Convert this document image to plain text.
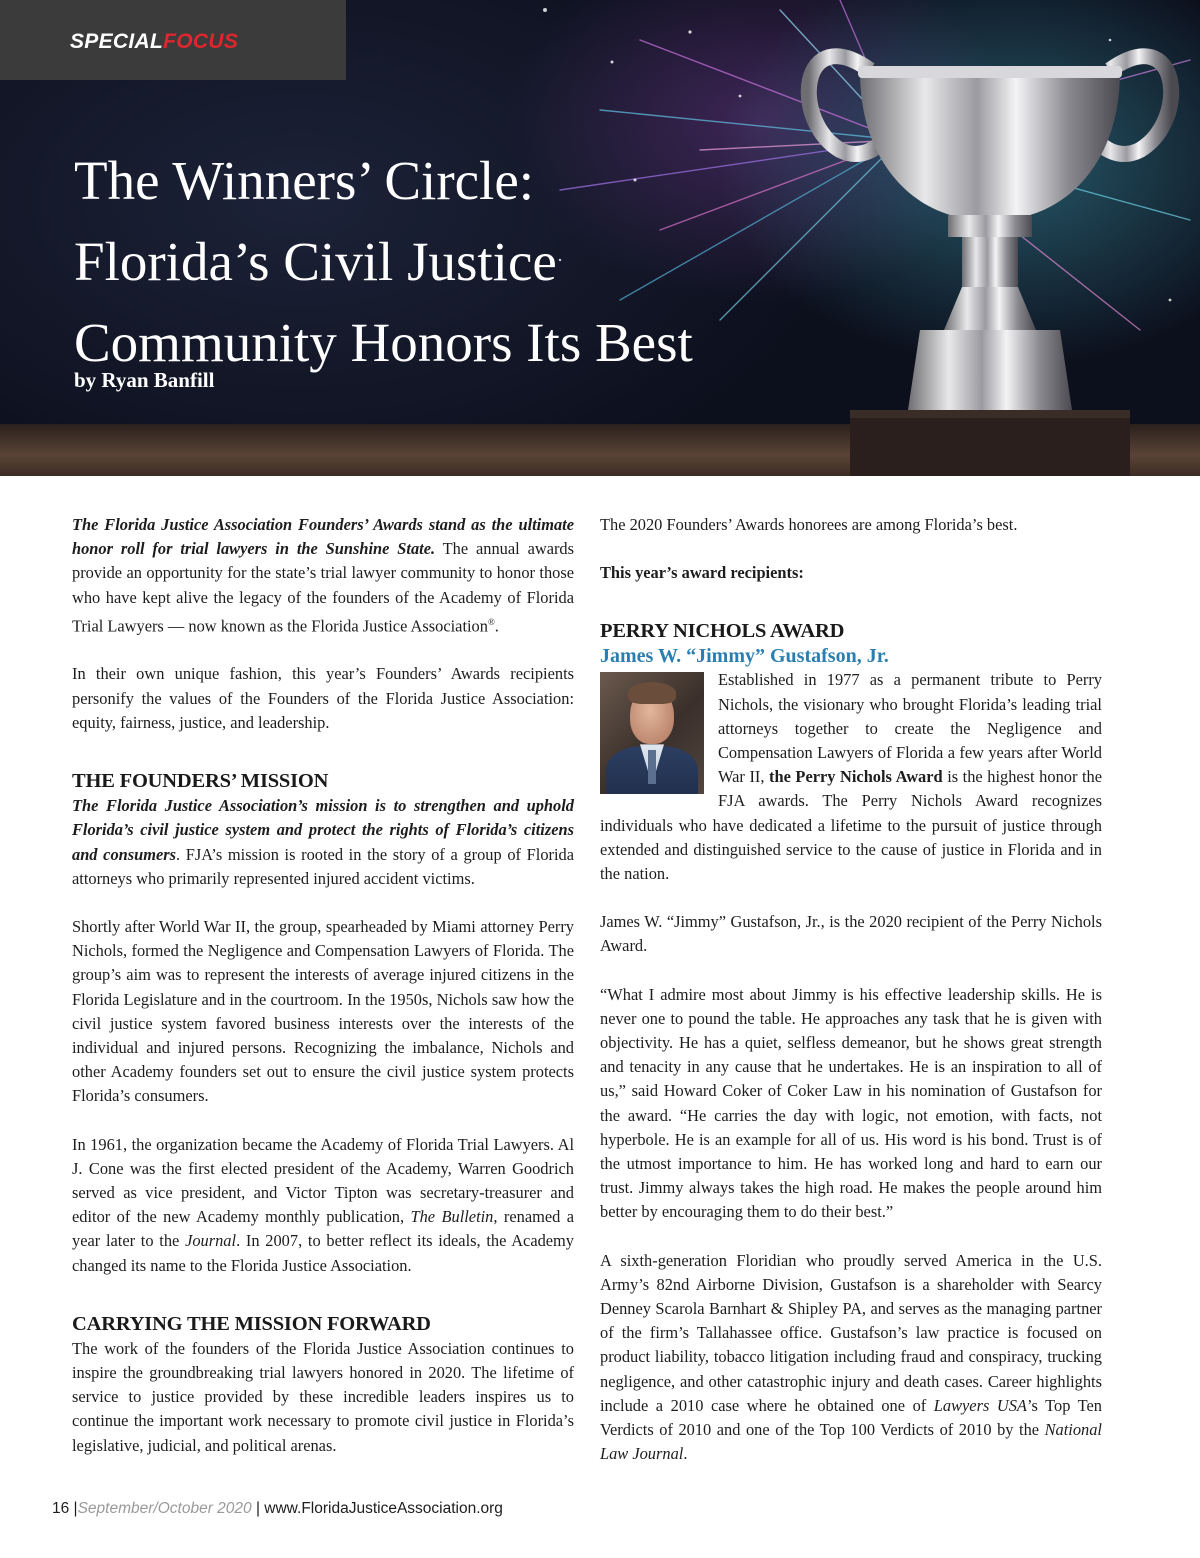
SPECIALFOCUS
The Winners’ Circle:
Florida’s Civil Justice
Community Honors Its Best
by Ryan Banfill

The Florida Justice Association Founders’ Awards stand as the ultimate honor roll for trial lawyers in the Sunshine State. The annual awards provide an opportunity for the state’s trial lawyer community to honor those who have kept alive the legacy of the founders of the Academy of Florida Trial Lawyers — now known as the Florida Justice Association®.

In their own unique fashion, this year’s Founders’ Awards recipients personify the values of the Founders of the Florida Justice Association: equity, fairness, justice, and leadership.

THE FOUNDERS’ MISSION

The Florida Justice Association’s mission is to strengthen and uphold Florida’s civil justice system and protect the rights of Florida’s citizens and consumers. FJA’s mission is rooted in the story of a group of Florida attorneys who primarily represented injured accident victims.

Shortly after World War II, the group, spearheaded by Miami attorney Perry Nichols, formed the Negligence and Compensation Lawyers of Florida. The group’s aim was to represent the interests of average injured citizens in the Florida Legislature and in the courtroom. In the 1950s, Nichols saw how the civil justice system favored business interests over the interests of the individual and injured persons. Recognizing the imbalance, Nichols and other Academy founders set out to ensure the civil justice system protects Florida’s consumers.

In 1961, the organization became the Academy of Florida Trial Lawyers. Al J. Cone was the first elected president of the Academy, Warren Goodrich served as vice president, and Victor Tipton was secretary-treasurer and editor of the new Academy monthly publication, The Bulletin, renamed a year later to the Journal. In 2007, to better reflect its ideals, the Academy changed its name to the Florida Justice Association.

CARRYING THE MISSION FORWARD

The work of the founders of the Florida Justice Association continues to inspire the groundbreaking trial lawyers honored in 2020. The lifetime of service to justice provided by these incredible leaders inspires us to continue the important work necessary to promote civil justice in Florida’s legislative, judicial, and political arenas.

The 2020 Founders’ Awards honorees are among Florida’s best.

This year’s award recipients:

PERRY NICHOLS AWARD
James W. “Jimmy” Gustafson, Jr.

Established in 1977 as a permanent tribute to Perry Nichols, the visionary who brought Florida’s leading trial attorneys together to create the Negligence and Compensation Lawyers of Florida a few years after World War II, the Perry Nichols Award is the highest honor the FJA awards. The Perry Nichols Award recognizes individuals who have dedicated a lifetime to the pursuit of justice through extended and distinguished service to the cause of justice in Florida and in the nation.

James W. “Jimmy” Gustafson, Jr., is the 2020 recipient of the Perry Nichols Award.

“What I admire most about Jimmy is his effective leadership skills. He is never one to pound the table. He approaches any task that he is given with objectivity. He has a quiet, selfless demeanor, but he shows great strength and tenacity in any cause that he undertakes. He is an inspiration to all of us,” said Howard Coker of Coker Law in his nomination of Gustafson for the award. “He carries the day with logic, not emotion, with facts, not hyperbole. He is an example for all of us. His word is his bond. Trust is of the utmost importance to him. He has worked long and hard to earn our trust. Jimmy always takes the high road. He makes the people around him better by encouraging them to do their best.”

A sixth-generation Floridian who proudly served America in the U.S. Army’s 82nd Airborne Division, Gustafson is a shareholder with Searcy Denney Scarola Barnhart & Shipley PA, and serves as the managing partner of the firm’s Tallahassee office. Gustafson’s law practice is focused on product liability, tobacco litigation including fraud and conspiracy, trucking negligence, and other catastrophic injury and death cases. Career highlights include a 2010 case where he obtained one of Lawyers USA’s Top Ten Verdicts of 2010 and one of the Top 100 Verdicts of 2010 by the National Law Journal.

16 |September/October 2020 | www.FloridaJusticeAssociation.org
